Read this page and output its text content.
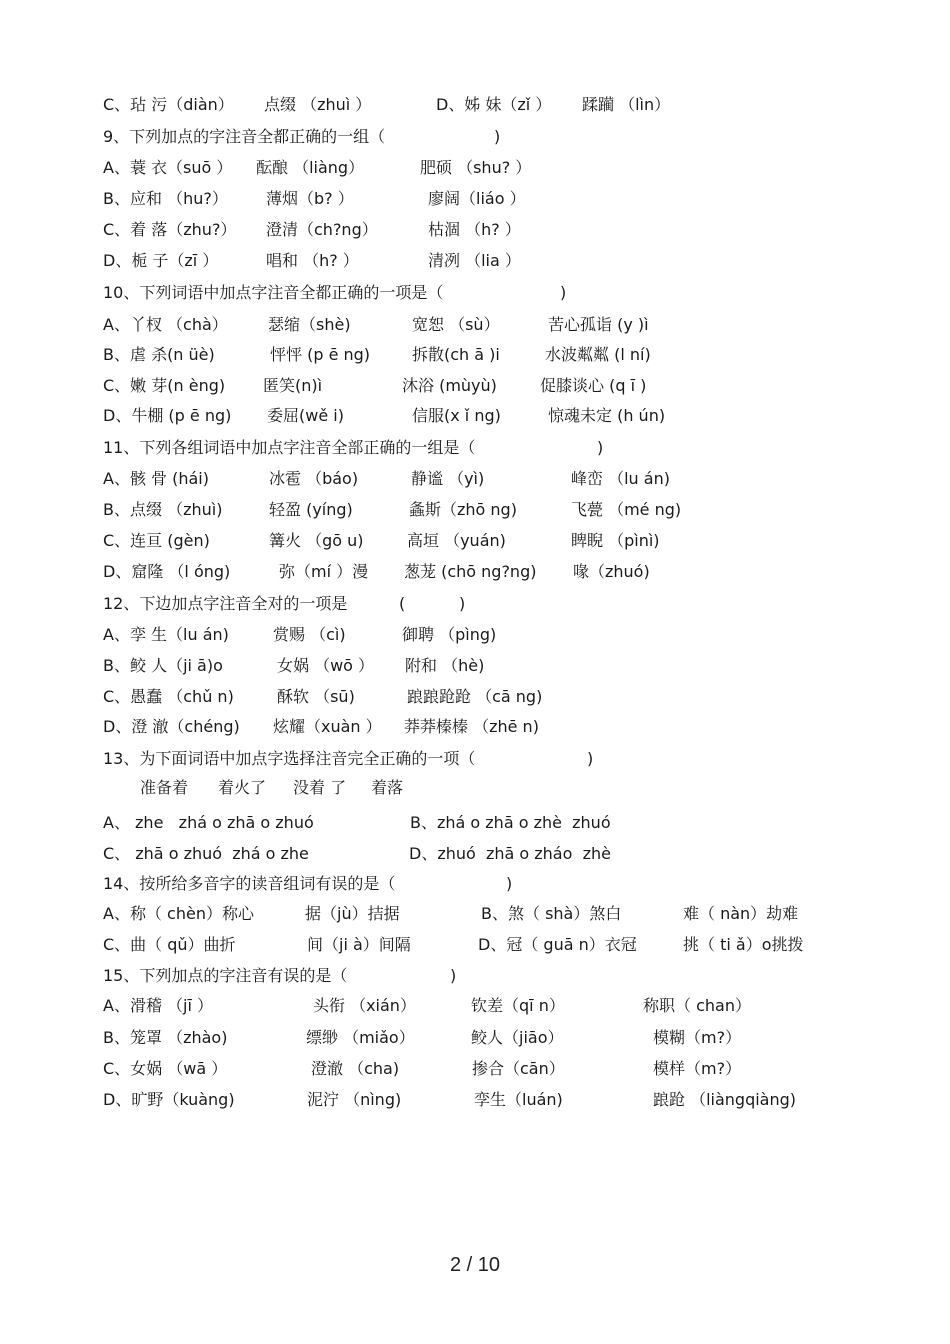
C、玷 污（diàn） 点缀 （zhuì ）	D、姊 妹（zǐ ） 蹂躏 （lìn）
9、下列加点的字注音全都正确的一组（	)
A、蓑 衣（suō ） 酝酿 （liàng）	肥硕 （shu? ）
B、应和 （hu?） 薄烟（b? ）	廖阔（liáo ）
C、着 落（zhu?） 澄清（ch?ng）	枯涸 （h? ）
D、栀 子（zī ）	唱和 （h? ）	清冽 （lia ）
10、下列词语中加点字注音全都正确的一项是（	)
A、丫杈 （chà）	瑟缩（shè)	宽恕 （sù）	苦心孤诣 (y )ì
B、虐 杀(n üè)	怦怦 (p ē ng)	拆散(ch ā )i	水波粼粼 (l ní)
C、嫩 芽(n èng) 匿笑(n)ì	沐浴 (mùyù)	促膝谈心 (q ī )
D、牛棚 (p ē ng) 委屈(wě i)	信服(x ǐ ng)	惊魂未定 (h ún)
11、下列各组词语中加点字注音全部正确的一组是（	)
A、骸 骨 (hái)	冰雹 （báo)	静谧 （yì)	峰峦 （lu án)
B、点缀 （zhuì)	轻盈 (yíng)	螽斯（zhō ng)	飞甍 （mé ng)
C、连亘 (gèn)	篝火 （gō u)	高垣 （yuán)	睥睨 （pìnì)
D、窟隆 （l óng)	弥（mí ）漫 葱茏 (chō ng?ng) 喙（zhuó)
12、下边加点字注音全对的一项是	(	)
A、孪 生（lu án)	赏赐 （cì)	御聘 （pìng)
B、鲛 人（ji ā)o	女娲 （wō ） 附和 （hè)
C、愚蠢 （chǔ n)	酥软 （sū)	踉踉跄跄 （cā ng)
D、澄 澈（chéng) 炫耀（xuàn ） 莽莽榛榛 （zhē n)
13、为下面词语中加点字选择注音完全正确的一项（	)
准备着 着火了 没着 了 着落
A、 zhe   zhá o zhā o zhuó	B、zhá o zhā o zhè  zhuó
C、 zhā o zhuó  zhá o zhe	D、zhuó  zhā o zháo  zhè
14、按所给多音字的读音组词有误的是（	)
A、称（ chèn）称心	据（jù）拮据	B、煞（ shà）煞白	难（ nàn）劫难
C、曲（ qǔ）曲折	间（ji à）间隔	D、冠（ guā n）衣冠	挑（ ti ǎ）o挑拨
15、下列加点的字注音有误的是（	)
A、滑稽 （jī ）	头衔 （xián）	钦差（qī n）	称职（ chan）
B、笼罩 （zhào)	缥缈 （miǎo）	鲛人（jiāo）	模糊（m?）
C、女娲 （wā ）	澄澈 （cha)	掺合（cān）	模样（m?）
D、旷野（kuàng)	泥泞 （nìng)	孪生（luán)	踉跄 （liàngqiàng)
2 / 10
